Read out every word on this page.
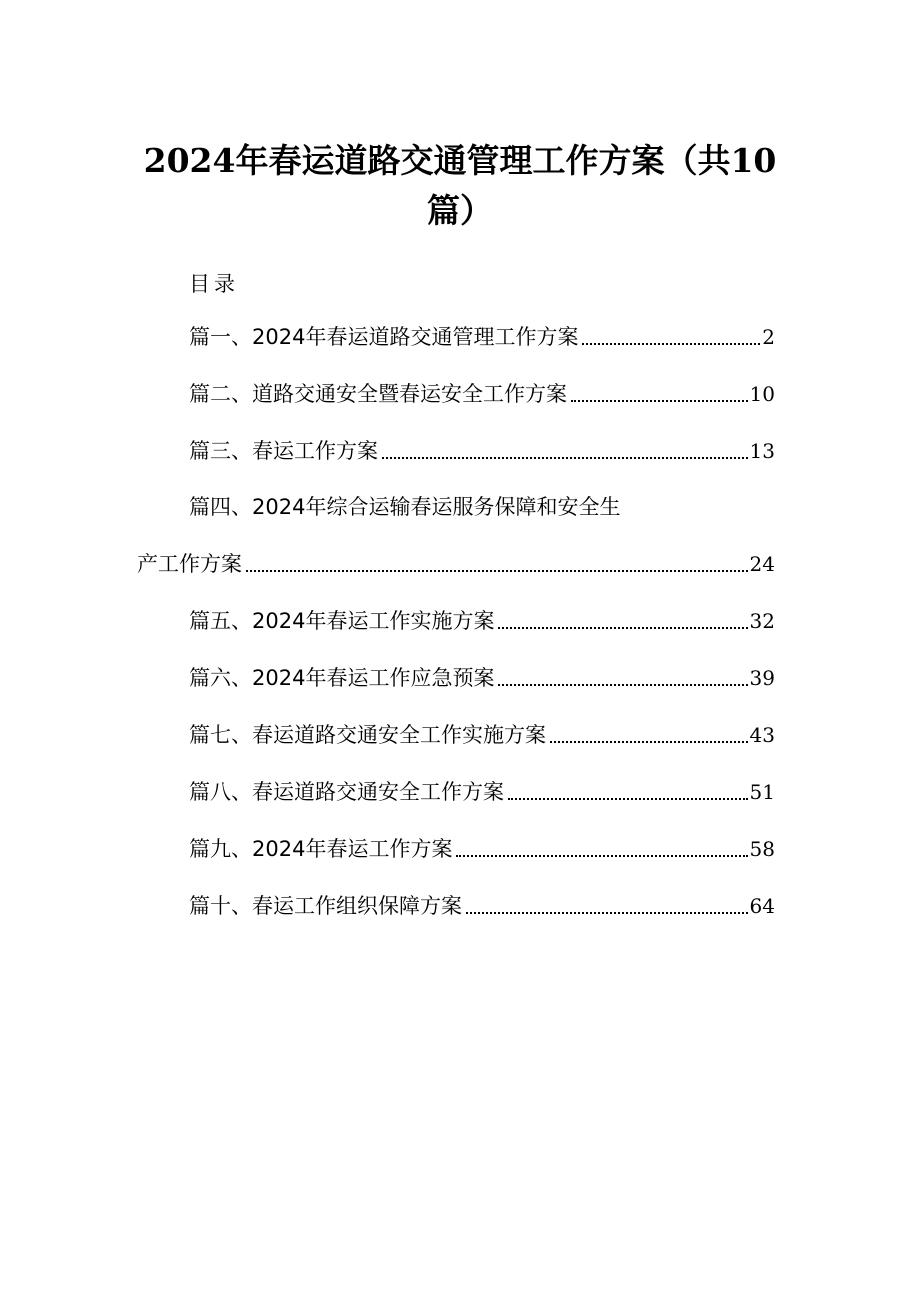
2024年春运道路交通管理工作方案（共10
篇）
目录
篇一、2024年春运道路交通管理工作方案	2
篇二、道路交通安全暨春运安全工作方案	10
篇三、春运工作方案	13
篇四、2024年综合运输春运服务保障和安全生
产工作方案	24
篇五、2024年春运工作实施方案	32
篇六、2024年春运工作应急预案	39
篇七、春运道路交通安全工作实施方案	43
篇八、春运道路交通安全工作方案	51
篇九、2024年春运工作方案	58
篇十、春运工作组织保障方案	64
